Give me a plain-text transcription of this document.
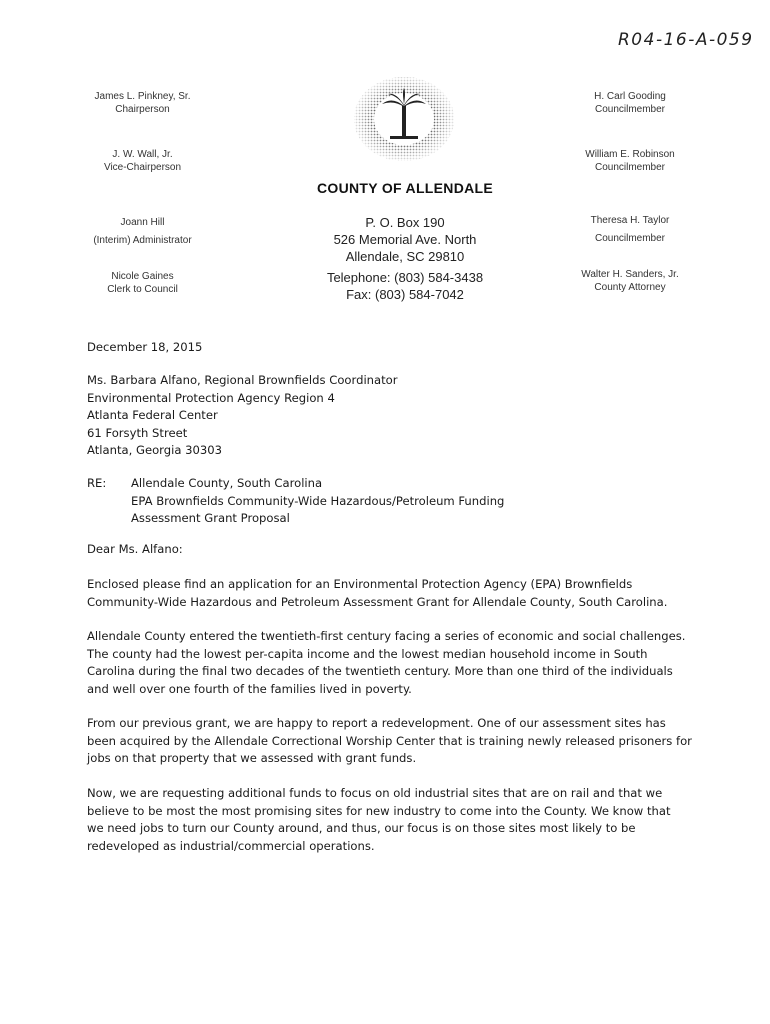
R04-16-A-059
James L. Pinkney, Sr.
Chairperson
J. W. Wall, Jr.
Vice-Chairperson
Joann Hill
(Interim) Administrator
Nicole Gaines
Clerk to Council
H. Carl Gooding
Councilmember
William E. Robinson
Councilmember
Theresa H. Taylor
Councilmember
Walter H. Sanders, Jr.
County Attorney
COUNTY OF ALLENDALE
P. O. Box 190
526 Memorial Ave. North
Allendale, SC 29810
Telephone: (803) 584-3438
Fax: (803) 584-7042
December 18, 2015
Ms. Barbara Alfano, Regional Brownfields Coordinator
Environmental Protection Agency Region 4
Atlanta Federal Center
61 Forsyth Street
Atlanta, Georgia 30303
RE:	Allendale County, South Carolina
EPA Brownfields Community-Wide Hazardous/Petroleum Funding
Assessment Grant Proposal
Dear Ms. Alfano:
Enclosed please find an application for an Environmental Protection Agency (EPA) Brownfields
Community-Wide Hazardous and Petroleum Assessment Grant for Allendale County, South Carolina.
Allendale County entered the twentieth-first century facing a series of economic and social challenges.
The county had the lowest per-capita income and the lowest median household income in South
Carolina during the final two decades of the twentieth century. More than one third of the individuals
and well over one fourth of the families lived in poverty.
From our previous grant, we are happy to report a redevelopment. One of our assessment sites has
been acquired by the Allendale Correctional Worship Center that is training newly released prisoners for
jobs on that property that we assessed with grant funds.
Now, we are requesting additional funds to focus on old industrial sites that are on rail and that we
believe to be most the most promising sites for new industry to come into the County. We know that
we need jobs to turn our County around, and thus, our focus is on those sites most likely to be
redeveloped as industrial/commercial operations.
